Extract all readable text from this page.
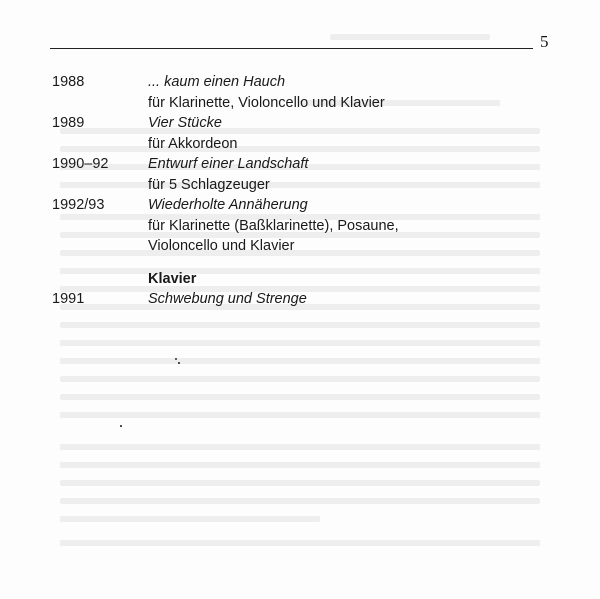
5
1988	... kaum einen Hauch
für Klarinette, Violoncello und Klavier
1989	Vier Stücke
für Akkordeon
1990–92	Entwurf einer Landschaft
für 5 Schlagzeuger
1992/93	Wiederholte Annäherung
für Klarinette (Baßklarinette), Posaune,
Violoncello und Klavier
Klavier
1991	Schwebung und Strenge
